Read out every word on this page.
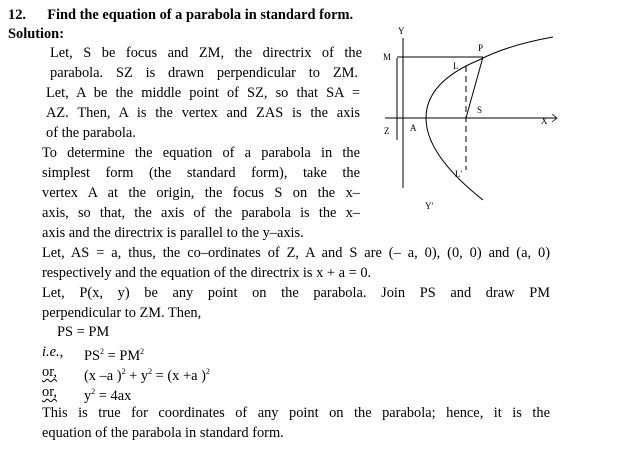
12. Find the equation of a parabola in standard form.
Solution:
Let, S be focus and ZM, the directrix of the
parabola. SZ is drawn perpendicular to ZM.
Let, A be the middle point of SZ, so that SA =
AZ. Then, A is the vertex and ZAS is the axis
of the parabola.
To determine the equation of a parabola in the
simplest form (the standard form), take the
vertex A at the origin, the focus S on the x–
axis, so that, the axis of the parabola is the x–
axis and the directrix is parallel to the y–axis.
Let, AS = a, thus, the co–ordinates of Z, A and S are (– a, 0), (0, 0) and (a, 0)
respectively and the equation of the directrix is x + a = 0.
Let, P(x, y) be any point on the parabola. Join PS and draw PM
perpendicular to ZM. Then,
PS = PM
i.e., $PS^2 = PM^2$
or, (x –a )$^2 + y^2 = (x +a$ )$^2$
or, $y^2 = 4ax$
This is true for coordinates of any point on the parabola; hence, it is the
equation of the parabola in standard form.
Y
M
P
L
S
X
Z A
L'
Y'
